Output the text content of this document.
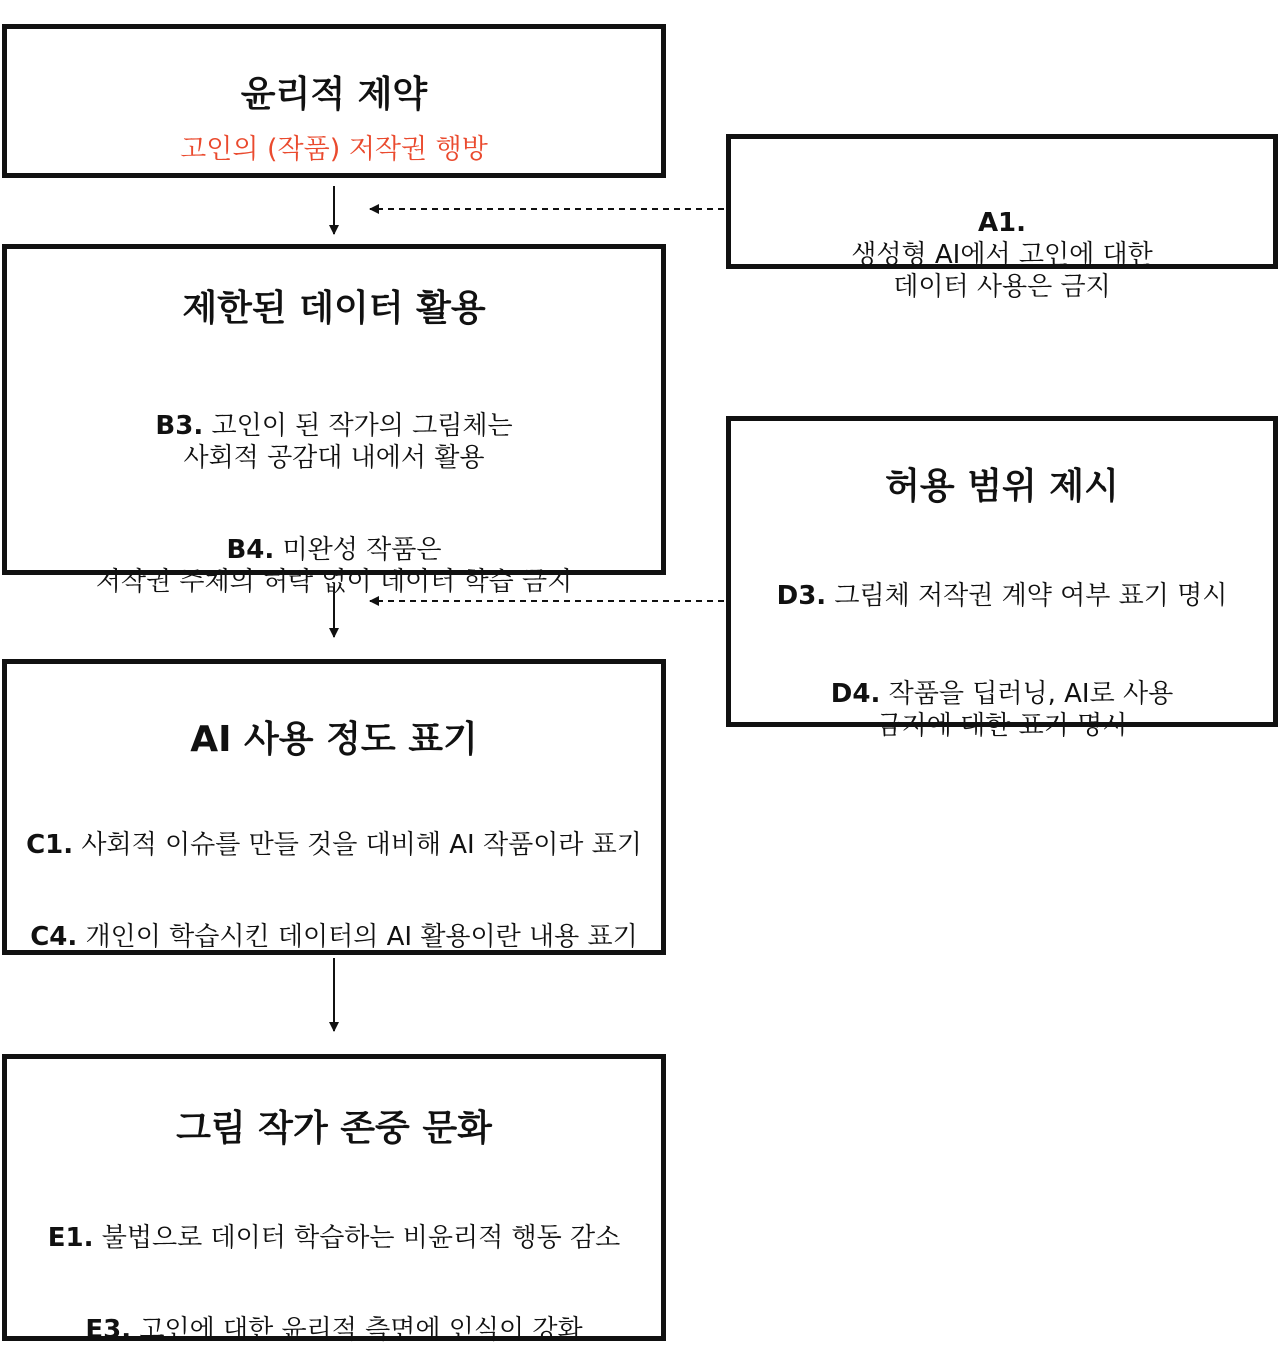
윤리적 제약
고인의 (작품) 저작권 행방

A1.
생성형 AI에서 고인에 대한
데이터 사용은 금지

제한된 데이터 활용

B3. 고인이 된 작가의 그림체는
사회적 공감대 내에서 활용

B4. 미완성 작품은
저작권 주체의 허락 없이 데이터 학습 금지

허용 범위 제시

D3. 그림체 저작권 계약 여부 표기 명시

D4. 작품을 딥러닝, AI로 사용
금지에 대한 표기 명시

AI 사용 정도 표기

C1. 사회적 이슈를 만들 것을 대비해 AI 작품이라 표기

C4. 개인이 학습시킨 데이터의 AI 활용이란 내용 표기

그림 작가 존중 문화

E1. 불법으로 데이터 학습하는 비윤리적 행동 감소

E3. 고인에 대한 윤리적 측면에 인식이 강화
